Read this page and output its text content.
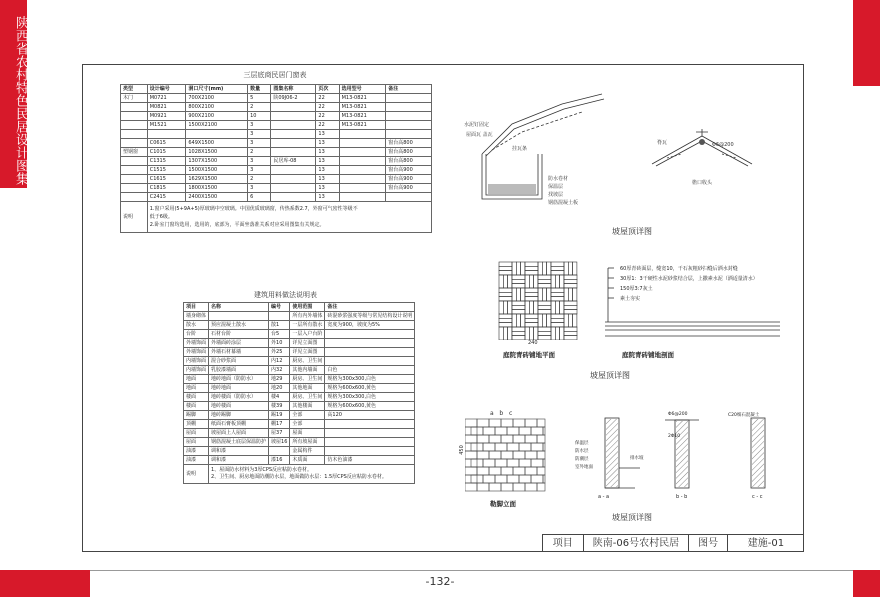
陕西省农村特色民居设计图集	三层底商民居门窗表
类型	设计编号	洞口尺寸(mm)	数量	图集名称	页次	选用型号	备注
木门	M0721	700X2100	5	陕09J06-2	22	M13-0821	
	M0821	800X2100	2		22	M13-0821	
	M0921	900X2100	10		22	M13-0821	
	M1521	1500X2100	3		22	M13-0821	
			3		13		
	C0615	649X1500	3		13		窗台高800
塑钢窗	C1015	1028X1500	2		13		窗台高800
	C1315	1307X1500	3	民居库-08	13		窗台高800
	C1515	1500X1500	3		13		窗台高900
	C1615	1629X1500	2		13		窗台高900
	C1815	1800X1500	3		13		窗台高900
	C2415	2400X1500	6		13		
说明	1.窗户采用(5+9A+5)厚玻璃中空玻璃。中国优质玻璃窗，传热系数2.7，外窗可气密性等级不
低于6级。
2.卧室门窗均选用，选用的，底部为，平面坐落准关系对应采用图集有关规定。						
建筑用料做法说明表
项目	名称	编号	使用范围	备注
墙身砌体			所有内外墙体	砖混砂浆强度等级与常见结构设计说明
散水	预应混凝土散水	散1	一层所有散水	宽度为900，坡度为5%
台阶	石材台阶	台5	一层入户台阶	
外墙饰面	外墙面砖涂层	外10	详见立面图	
外墙饰面	外墙石材幕墙	外25	详见立面图	
内墙饰面	混合砂浆面	内12	厨房、卫生间	
内墙饰面	乳胶漆墙面	内32	其他内墙面	白色
地面	地砖地面（防防水）	地29	厨房、卫生间	规格为300x300,白色
地面	地砖地面	地20	其他地面	规格为600x600,黄色
楼面	地砖楼面（防防水）	楼4	厨房、卫生间	规格为300x300,白色
楼面	地砖楼面	楼39	其他楼面	规格为600x600,黄色
踢脚	地砖踢脚	踢19	全部	高120
顶棚	纸面石膏板顶棚	棚17	全部	
屋面	坡屋面上人屋面	屋37	屋面	
屋面	钢筋混凝土底层保温防护	坡屋16	所有坡屋面	
油漆	调和漆		金属构件	
油漆	调和漆	漆16	木质面	仿木色油漆
说明	1、屋面防水材料为3厚CPS反应粘防水卷材。
2、卫生间、厨房地面防潮防水层，地面做防水层：1.5厚CPS反应粘防水卷材。			
水泥钉固定
屋面瓦 盖瓦
挂瓦条
防水卷材
保温层
找坡层
钢筋混凝土板
脊瓦	Φ6@200
檐口收头
坡屋顶详图
240
庭院青砖铺地平面
60厚青砖面层，缝宽10，干石灰粗砂扫缝后洒水封缝
30厚1：3干硬性水泥砂浆结合层，上撒素水泥（洒适量清水）
150厚3:7灰土
素土夯实
庭院青砖铺地剖面
坡屋顶详图
a b c
450
勒脚立面
保温层
防水层
防潮层
室外地面
排水坡
Φ6@200
2Φ10
C20细石混凝土
a - a	b - b	c - c
坡屋顶详图
项目	陕南-06号农村民居	图号	建施-01
-132-
